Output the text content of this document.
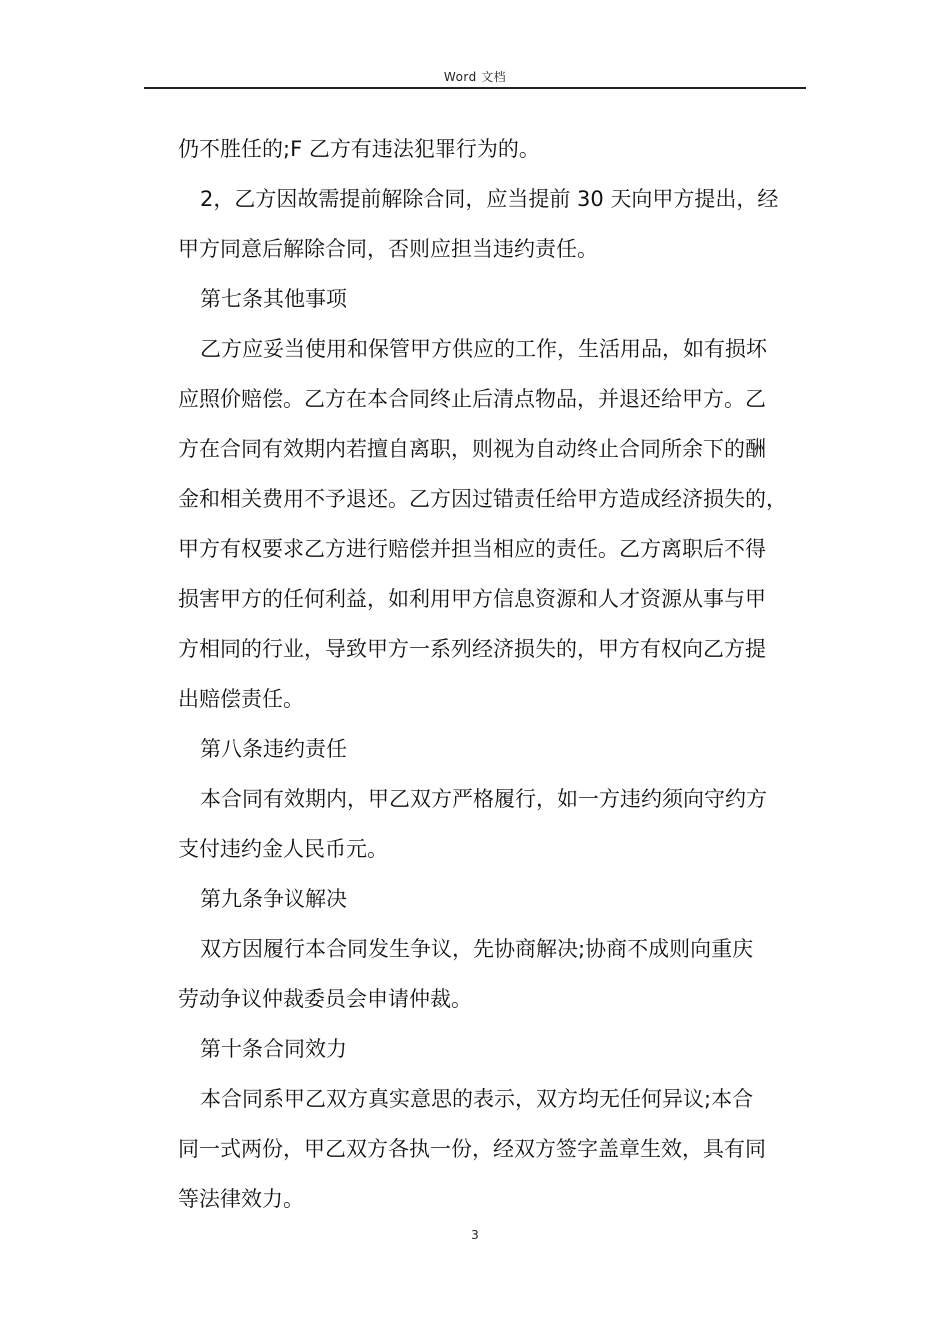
Word 文档
仍不胜任的;F 乙方有违法犯罪行为的。
2，乙方因故需提前解除合同，应当提前 30 天向甲方提出，经
甲方同意后解除合同，否则应担当违约责任。
第七条其他事项
乙方应妥当使用和保管甲方供应的工作，生活用品，如有损坏
应照价赔偿。乙方在本合同终止后清点物品，并退还给甲方。乙
方在合同有效期内若擅自离职，则视为自动终止合同所余下的酬
金和相关费用不予退还。乙方因过错责任给甲方造成经济损失的，
甲方有权要求乙方进行赔偿并担当相应的责任。乙方离职后不得
损害甲方的任何利益，如利用甲方信息资源和人才资源从事与甲
方相同的行业，导致甲方一系列经济损失的，甲方有权向乙方提
出赔偿责任。
第八条违约责任
本合同有效期内，甲乙双方严格履行，如一方违约须向守约方
支付违约金人民币元。
第九条争议解决
双方因履行本合同发生争议，先协商解决;协商不成则向重庆
劳动争议仲裁委员会申请仲裁。
第十条合同效力
本合同系甲乙双方真实意思的表示，双方均无任何异议;本合
同一式两份，甲乙双方各执一份，经双方签字盖章生效，具有同
等法律效力。
3
